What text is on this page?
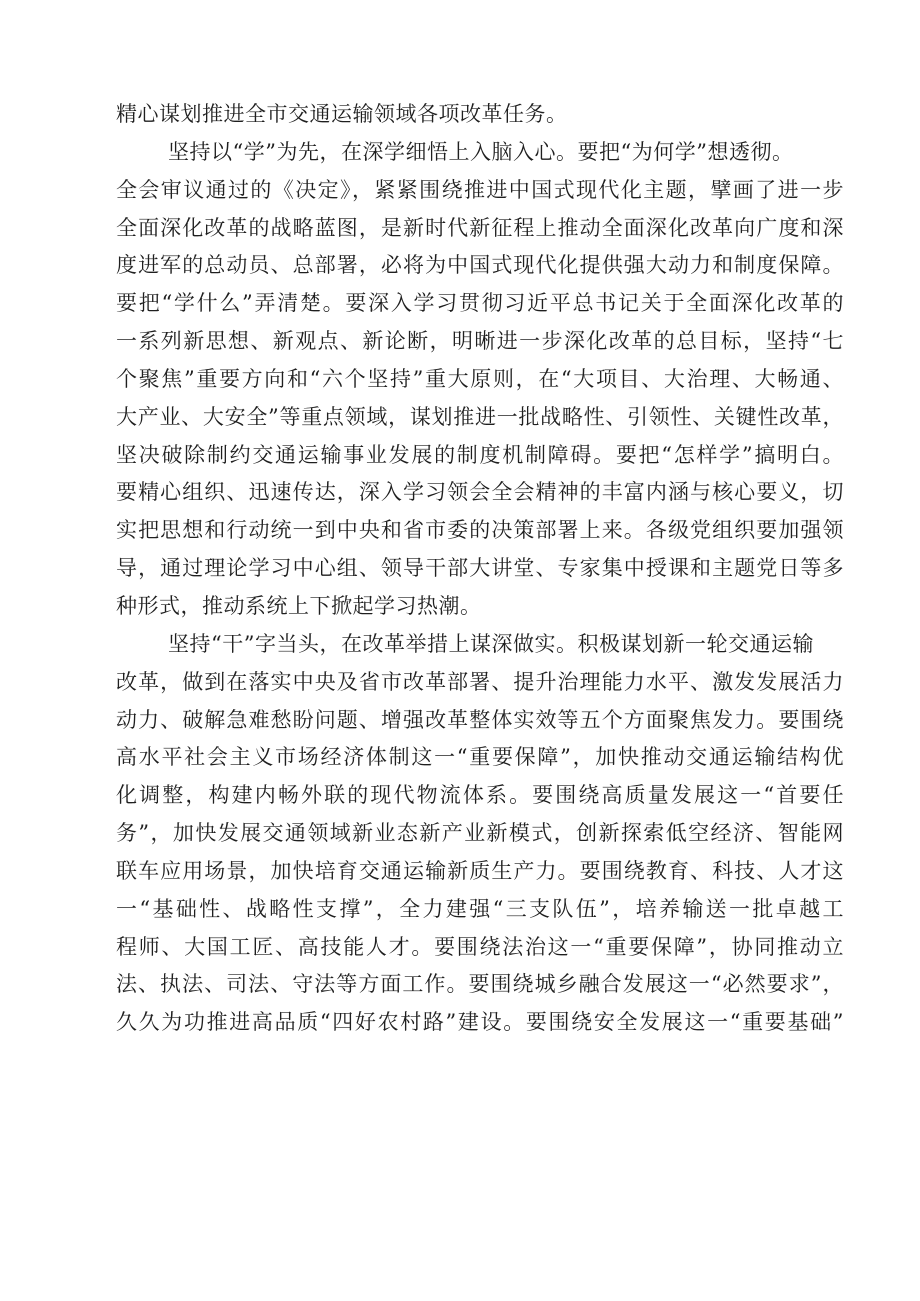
精心谋划推进全市交通运输领域各项改革任务。
坚持以“学”为先，在深学细悟上入脑入心。要把“为何学”想透彻。
全会审议通过的《决定》，紧紧围绕推进中国式现代化主题，擘画了进一步
全面深化改革的战略蓝图，是新时代新征程上推动全面深化改革向广度和深
度进军的总动员、总部署，必将为中国式现代化提供强大动力和制度保障。
要把“学什么”弄清楚。要深入学习贯彻习近平总书记关于全面深化改革的
一系列新思想、新观点、新论断，明晰进一步深化改革的总目标，坚持“七
个聚焦”重要方向和“六个坚持”重大原则，在“大项目、大治理、大畅通、
大产业、大安全”等重点领域，谋划推进一批战略性、引领性、关键性改革，
坚决破除制约交通运输事业发展的制度机制障碍。要把“怎样学”搞明白。
要精心组织、迅速传达，深入学习领会全会精神的丰富内涵与核心要义，切
实把思想和行动统一到中央和省市委的决策部署上来。各级党组织要加强领
导，通过理论学习中心组、领导干部大讲堂、专家集中授课和主题党日等多
种形式，推动系统上下掀起学习热潮。
坚持“干”字当头，在改革举措上谋深做实。积极谋划新一轮交通运输
改革，做到在落实中央及省市改革部署、提升治理能力水平、激发发展活力
动力、破解急难愁盼问题、增强改革整体实效等五个方面聚焦发力。要围绕
高水平社会主义市场经济体制这一“重要保障”，加快推动交通运输结构优
化调整，构建内畅外联的现代物流体系。要围绕高质量发展这一“首要任
务”，加快发展交通领域新业态新产业新模式，创新探索低空经济、智能网
联车应用场景，加快培育交通运输新质生产力。要围绕教育、科技、人才这
一“基础性、战略性支撑”，全力建强“三支队伍”，培养输送一批卓越工
程师、大国工匠、高技能人才。要围绕法治这一“重要保障”，协同推动立
法、执法、司法、守法等方面工作。要围绕城乡融合发展这一“必然要求”，
久久为功推进高品质“四好农村路”建设。要围绕安全发展这一“重要基础”
